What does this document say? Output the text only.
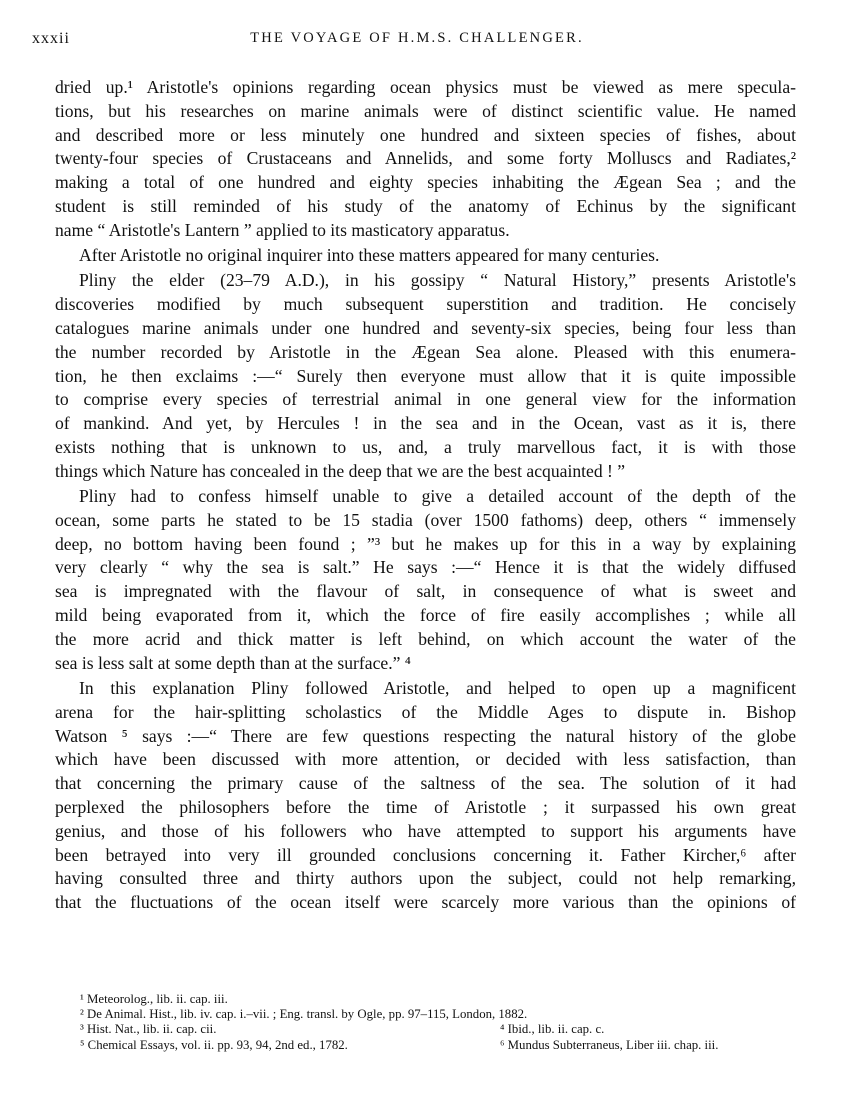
xxxii	THE VOYAGE OF H.M.S. CHALLENGER.
dried up.¹ Aristotle's opinions regarding ocean physics must be viewed as mere specula-
tions, but his researches on marine animals were of distinct scientific value. He named
and described more or less minutely one hundred and sixteen species of fishes, about
twenty-four species of Crustaceans and Annelids, and some forty Molluscs and Radiates,²
making a total of one hundred and eighty species inhabiting the Ægean Sea ; and the
student is still reminded of his study of the anatomy of Echinus by the significant
name “ Aristotle's Lantern ” applied to its masticatory apparatus.
After Aristotle no original inquirer into these matters appeared for many centuries.
Pliny the elder (23–79 A.D.), in his gossipy “ Natural History,” presents Aristotle's
discoveries modified by much subsequent superstition and tradition. He concisely
catalogues marine animals under one hundred and seventy-six species, being four less than
the number recorded by Aristotle in the Ægean Sea alone. Pleased with this enumera-
tion, he then exclaims :—“ Surely then everyone must allow that it is quite impossible
to comprise every species of terrestrial animal in one general view for the information
of mankind. And yet, by Hercules ! in the sea and in the Ocean, vast as it is, there
exists nothing that is unknown to us, and, a truly marvellous fact, it is with those
things which Nature has concealed in the deep that we are the best acquainted ! ”
Pliny had to confess himself unable to give a detailed account of the depth of the
ocean, some parts he stated to be 15 stadia (over 1500 fathoms) deep, others “ immensely
deep, no bottom having been found ; ”³ but he makes up for this in a way by explaining
very clearly “ why the sea is salt.” He says :—“ Hence it is that the widely diffused
sea is impregnated with the flavour of salt, in consequence of what is sweet and
mild being evaporated from it, which the force of fire easily accomplishes ; while all
the more acrid and thick matter is left behind, on which account the water of the
sea is less salt at some depth than at the surface.” ⁴
In this explanation Pliny followed Aristotle, and helped to open up a magnificent
arena for the hair-splitting scholastics of the Middle Ages to dispute in. Bishop
Watson ⁵ says :—“ There are few questions respecting the natural history of the globe
which have been discussed with more attention, or decided with less satisfaction, than
that concerning the primary cause of the saltness of the sea. The solution of it had
perplexed the philosophers before the time of Aristotle ; it surpassed his own great
genius, and those of his followers who have attempted to support his arguments have
been betrayed into very ill grounded conclusions concerning it. Father Kircher,⁶ after
having consulted three and thirty authors upon the subject, could not help remarking,
that the fluctuations of the ocean itself were scarcely more various than the opinions of
¹ Meteorolog., lib. ii. cap. iii.
² De Animal. Hist., lib. iv. cap. i.–vii. ; Eng. transl. by Ogle, pp. 97–115, London, 1882.
³ Hist. Nat., lib. ii. cap. cii.	⁴ Ibid., lib. ii. cap. c.
⁵ Chemical Essays, vol. ii. pp. 93, 94, 2nd ed., 1782.	⁶ Mundus Subterraneus, Liber iii. chap. iii.
